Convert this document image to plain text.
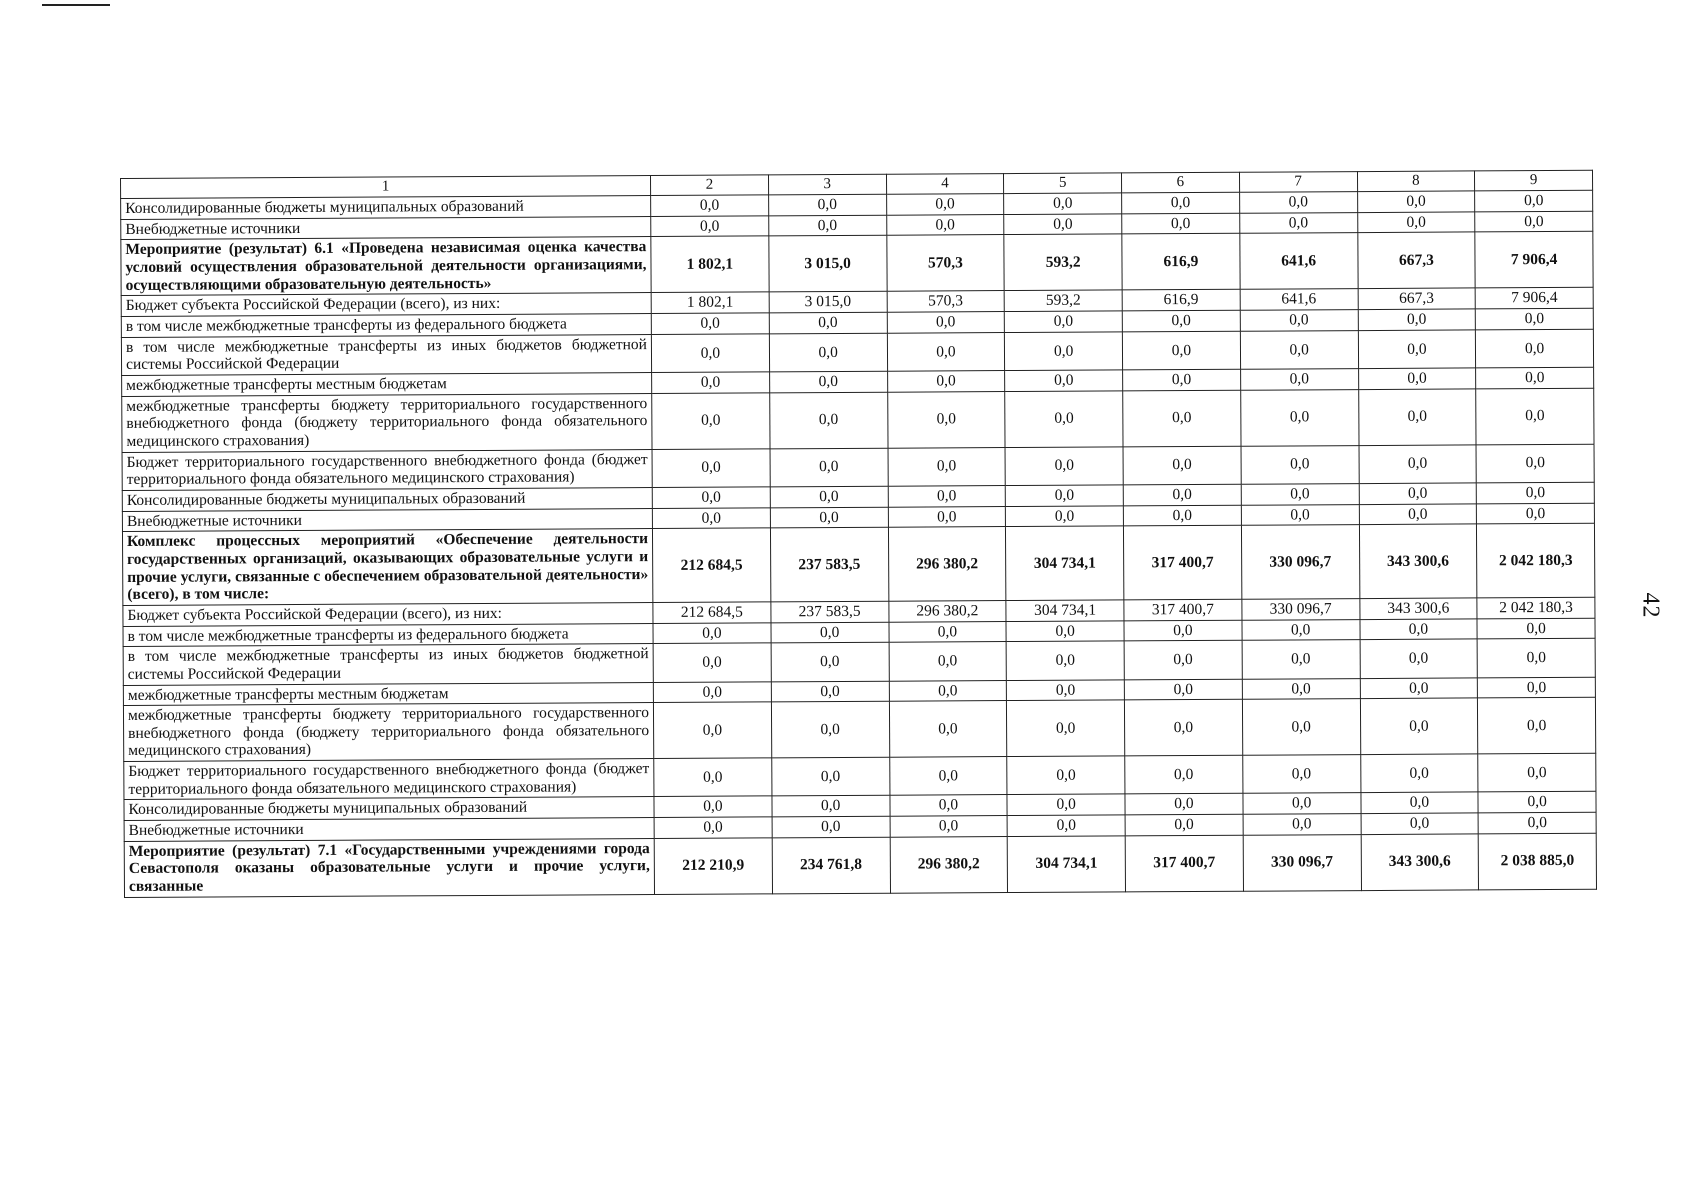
42
1	2	3	4	5	6	7	8	9
Консолидированные бюджеты муниципальных образований	0,0	0,0	0,0	0,0	0,0	0,0	0,0	0,0
Внебюджетные источники	0,0	0,0	0,0	0,0	0,0	0,0	0,0	0,0
Мероприятие (результат) 6.1 «Проведена независимая оценка качества условий осуществления образовательной деятельности организациями, осуществляющими образовательную деятельность»	1 802,1	3 015,0	570,3	593,2	616,9	641,6	667,3	7 906,4
Бюджет субъекта Российской Федерации (всего), из них:	1 802,1	3 015,0	570,3	593,2	616,9	641,6	667,3	7 906,4
в том числе межбюджетные трансферты из федерального бюджета	0,0	0,0	0,0	0,0	0,0	0,0	0,0	0,0
в том числе межбюджетные трансферты из иных бюджетов бюджетной системы Российской Федерации	0,0	0,0	0,0	0,0	0,0	0,0	0,0	0,0
межбюджетные трансферты местным бюджетам	0,0	0,0	0,0	0,0	0,0	0,0	0,0	0,0
межбюджетные трансферты бюджету территориального государственного внебюджетного фонда (бюджету территориального фонда обязательного медицинского страхования)	0,0	0,0	0,0	0,0	0,0	0,0	0,0	0,0
Бюджет территориального государственного внебюджетного фонда (бюджет территориального фонда обязательного медицинского страхования)	0,0	0,0	0,0	0,0	0,0	0,0	0,0	0,0
Консолидированные бюджеты муниципальных образований	0,0	0,0	0,0	0,0	0,0	0,0	0,0	0,0
Внебюджетные источники	0,0	0,0	0,0	0,0	0,0	0,0	0,0	0,0
Комплекс процессных мероприятий «Обеспечение деятельности государственных организаций, оказывающих образовательные услуги и прочие услуги, связанные с обеспечением образовательной деятельности» (всего), в том числе:	212 684,5	237 583,5	296 380,2	304 734,1	317 400,7	330 096,7	343 300,6	2 042 180,3
Бюджет субъекта Российской Федерации (всего), из них:	212 684,5	237 583,5	296 380,2	304 734,1	317 400,7	330 096,7	343 300,6	2 042 180,3
в том числе межбюджетные трансферты из федерального бюджета	0,0	0,0	0,0	0,0	0,0	0,0	0,0	0,0
в том числе межбюджетные трансферты из иных бюджетов бюджетной системы Российской Федерации	0,0	0,0	0,0	0,0	0,0	0,0	0,0	0,0
межбюджетные трансферты местным бюджетам	0,0	0,0	0,0	0,0	0,0	0,0	0,0	0,0
межбюджетные трансферты бюджету территориального государственного внебюджетного фонда (бюджету территориального фонда обязательного медицинского страхования)	0,0	0,0	0,0	0,0	0,0	0,0	0,0	0,0
Бюджет территориального государственного внебюджетного фонда (бюджет территориального фонда обязательного медицинского страхования)	0,0	0,0	0,0	0,0	0,0	0,0	0,0	0,0
Консолидированные бюджеты муниципальных образований	0,0	0,0	0,0	0,0	0,0	0,0	0,0	0,0
Внебюджетные источники	0,0	0,0	0,0	0,0	0,0	0,0	0,0	0,0
Мероприятие (результат) 7.1 «Государственными учреждениями города Севастополя оказаны образовательные услуги и прочие услуги, связанные	212 210,9	234 761,8	296 380,2	304 734,1	317 400,7	330 096,7	343 300,6	2 038 885,0
